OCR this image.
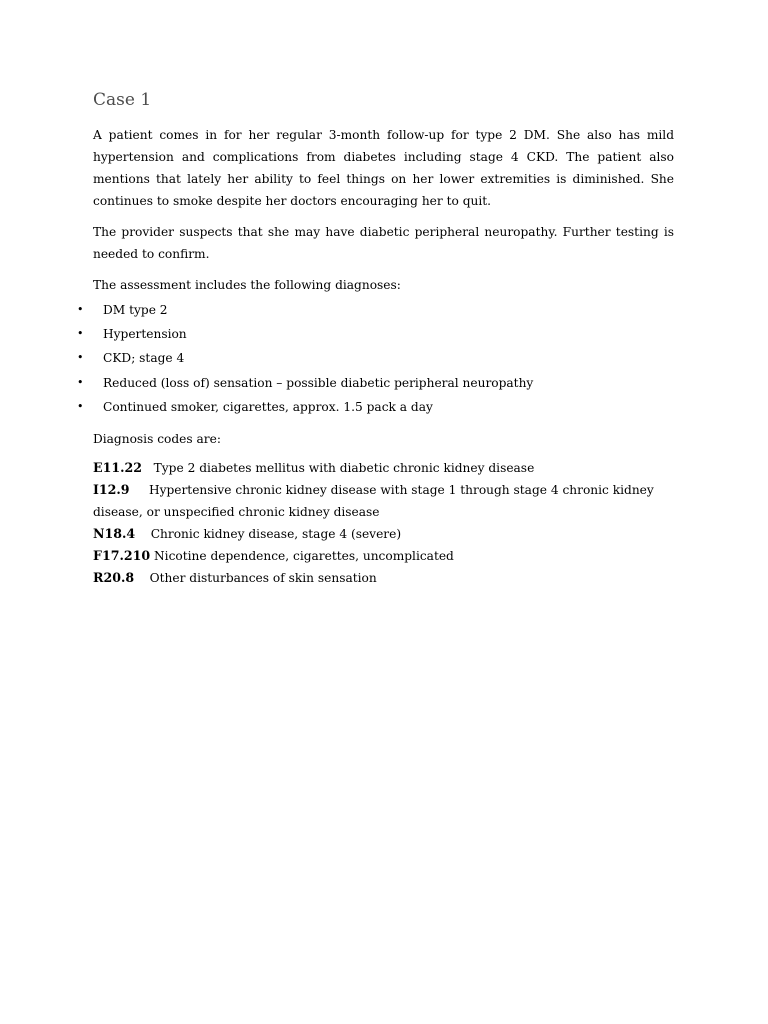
Case 1

A patient comes in for her regular 3-month follow-up for type 2 DM. She also has mild hypertension and complications from diabetes including stage 4 CKD. The patient also mentions that lately her ability to feel things on her lower extremities is diminished. She continues to smoke despite her doctors encouraging her to quit.

The provider suspects that she may have diabetic peripheral neuropathy. Further testing is needed to confirm.

The assessment includes the following diagnoses:

• DM type 2
• Hypertension
• CKD; stage 4
• Reduced (loss of) sensation – possible diabetic peripheral neuropathy
• Continued smoker, cigarettes, approx. 1.5 pack a day

Diagnosis codes are:

E11.22 Type 2 diabetes mellitus with diabetic chronic kidney disease
I12.9 Hypertensive chronic kidney disease with stage 1 through stage 4 chronic kidney disease, or unspecified chronic kidney disease
N18.4 Chronic kidney disease, stage 4 (severe)
F17.210 Nicotine dependence, cigarettes, uncomplicated
R20.8 Other disturbances of skin sensation
